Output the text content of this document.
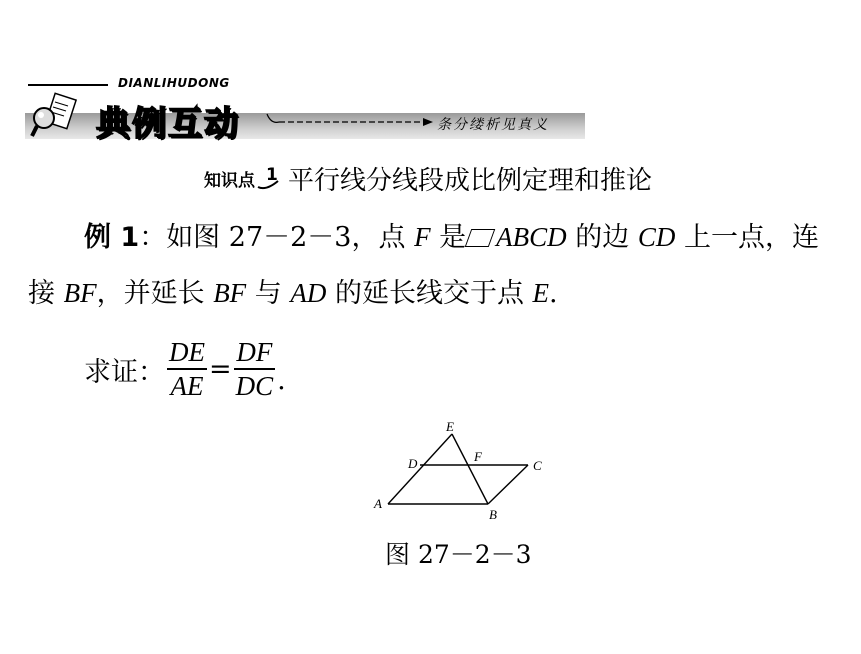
DIANLIHUDONG
典例互动	条分缕析见真义
知识点 1 平行线分线段成比例定理和推论
例 1：如图 27－2－3，点 F 是 ABCD 的边 CD 上一点，连
接 BF，并延长 BF 与 AD 的延长线交于点 E.
求证： $\frac{DE}{AE} = \frac{DF}{DC}$ .
E
D	F
C
A
B
图 27－2－3
